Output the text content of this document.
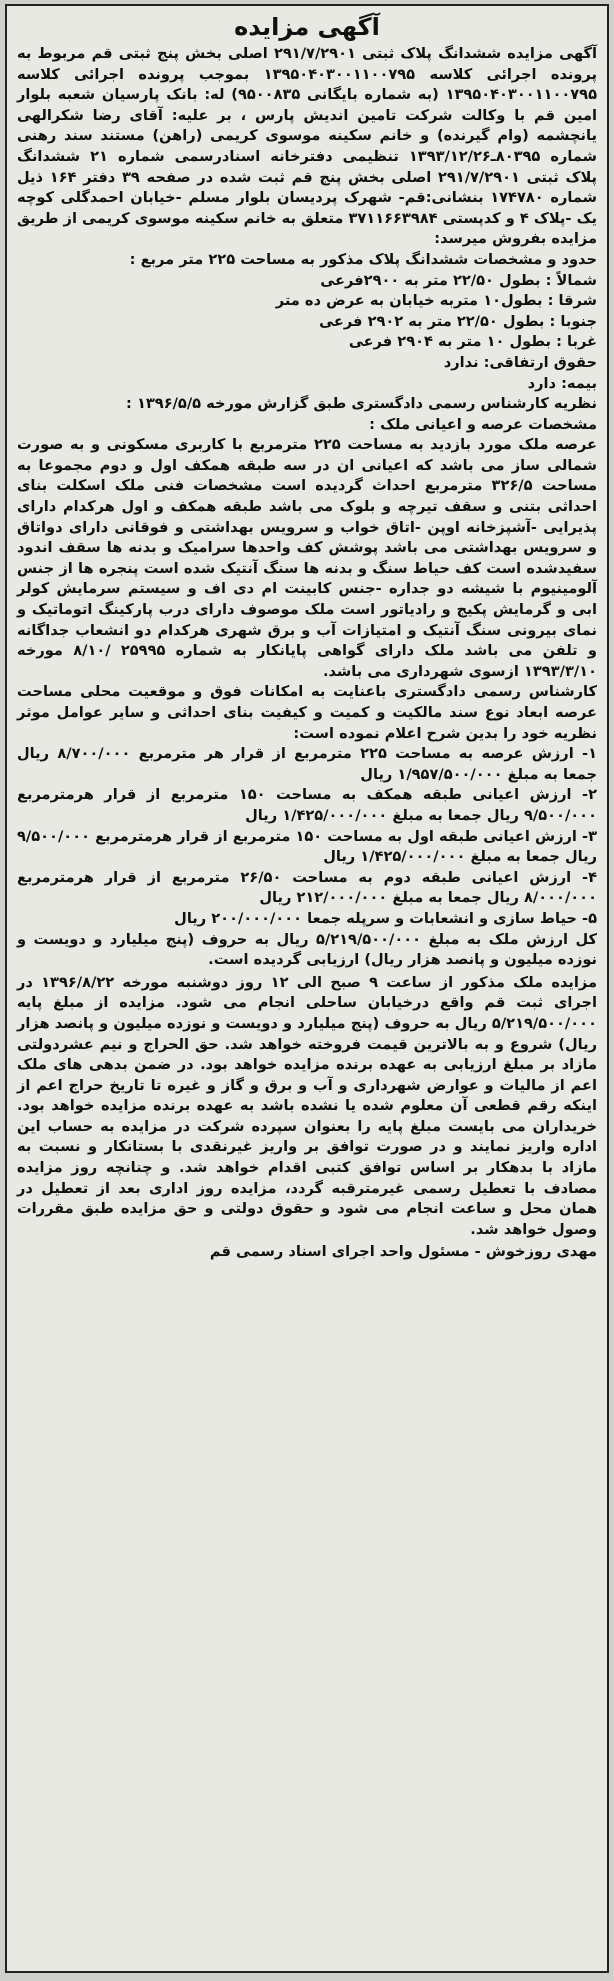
آگهی مزایده

آگهی مزایده ششدانگ پلاک ثبتی ۲۹۱/۷/۲۹۰۱ اصلی بخش پنج ثبتی قم مربوط به پرونده اجرائی کلاسه ۱۳۹۵۰۴۰۳۰۰۱۱۰۰۷۹۵ بموجب پرونده اجرائی کلاسه ۱۳۹۵۰۴۰۳۰۰۱۱۰۰۷۹۵ (به شماره بایگانی ۹۵۰۰۸۳۵) له: بانک پارسیان شعبه بلوار امین قم با وکالت شرکت تامین اندیش پارس ، بر علیه: آقای رضا شکرالهی یانچشمه (وام گیرنده) و خانم سکینه موسوی کریمی (راهن) مستند سند رهنی شماره ۸۰۳۹۵ـ۱۳۹۳/۱۲/۲۶ تنظیمی دفترخانه اسنادرسمی شماره ۲۱ ششدانگ پلاک ثبتی ۲۹۱/۷/۲۹۰۱ اصلی بخش پنج قم ثبت شده در صفحه ۳۹ دفتر ۱۶۴ ذیل شماره ۱۷۴۷۸۰ بنشانی:قم- شهرک پردیسان بلوار مسلم -خیابان احمدگلی کوچه یک -پلاک ۴ و کدپستی ۳۷۱۱۶۶۳۹۸۴ متعلق به خانم سکینه موسوی کریمی از طریق مزایده بفروش میرسد:

حدود و مشخصات ششدانگ پلاک مذکور به مساحت ۲۲۵ متر مربع :

شمالاً : بطول ۲۲/۵۰ متر به ۲۹۰۰فرعی

شرقا : بطول۱۰ متربه خیابان به عرض ده متر

جنوبا : بطول ۲۲/۵۰ متر به ۲۹۰۲ فرعی

غربا : بطول ۱۰ متر به ۲۹۰۴ فرعی

حقوق ارتفاقی: ندارد

بیمه: دارد

نظریه کارشناس رسمی دادگستری طبق گزارش مورخه ۱۳۹۶/۵/۵ :

مشخصات عرصه و اعیانی ملک :

عرصه ملک مورد بازدید به مساحت ۲۲۵ مترمربع با کاربری مسکونی و به صورت شمالی ساز می باشد که اعیانی ان در سه طبقه همکف اول و دوم مجموعا به مساحت ۳۲۶/۵ مترمربع احداث گردیده است مشخصات فنی ملک اسکلت بنای احداثی بتنی و سقف تیرچه و بلوک می باشد طبقه همکف و اول هرکدام دارای پذیرایی -آشپزخانه اوپن -اتاق خواب و سرویس بهداشتی و فوقانی دارای دواتاق و سرویس بهداشتی می باشد پوشش کف واحدها سرامیک و بدنه ها سقف اندود سفیدشده است کف حیاط سنگ و بدنه ها سنگ آنتیک شده است پنجره ها از جنس آلومینیوم با شیشه دو جداره -جنس کابینت ام دی اف و سیستم سرمایش کولر ابی و گرمایش پکیج و رادیاتور است ملک موصوف دارای درب پارکینگ اتوماتیک و نمای بیرونی سنگ آنتیک و امتیازات آب و برق شهری هرکدام دو انشعاب جداگانه و تلفن می باشد ملک دارای گواهی پایانکار به شماره ۲۵۹۹۵ /۸/۱۰ مورخه ۱۳۹۳/۳/۱۰ ازسوی شهرداری می باشد.

کارشناس رسمی دادگستری باعنایت به امکانات فوق و موقعیت محلی مساحت عرصه ابعاد نوع سند مالکیت و کمیت و کیفیت بنای احداثی و سایر عوامل موثر نظریه خود را بدین شرح اعلام نموده است:

۱- ارزش عرصه به مساحت ۲۲۵ مترمربع از قرار هر مترمربع ۸/۷۰۰/۰۰۰ ریال جمعا به مبلغ ۱/۹۵۷/۵۰۰/۰۰۰ ریال

۲- ارزش اعیانی طبقه همکف به مساحت ۱۵۰ مترمربع از قرار هرمترمربع ۹/۵۰۰/۰۰۰ ریال جمعا به مبلغ ۱/۴۲۵/۰۰۰/۰۰۰ ریال

۳- ارزش اعیانی طبقه اول به مساحت ۱۵۰ مترمربع از قرار هرمترمربع ۹/۵۰۰/۰۰۰ ریال جمعا به مبلغ ۱/۴۲۵/۰۰۰/۰۰۰ ریال

۴- ارزش اعیانی طبقه دوم به مساحت ۲۶/۵۰ مترمربع از قرار هرمترمربع ۸/۰۰۰/۰۰۰ ریال جمعا به مبلغ ۲۱۲/۰۰۰/۰۰۰ ریال

۵- حیاط سازی و انشعابات و سرپله جمعا ۲۰۰/۰۰۰/۰۰۰ ریال

کل ارزش ملک به مبلغ ۵/۲۱۹/۵۰۰/۰۰۰ ریال به حروف (پنج میلیارد و دویست و نوزده میلیون و پانصد هزار ریال) ارزیابی گردیده است.

مزایده ملک مذکور از ساعت ۹ صبح الی ۱۲ روز دوشنبه مورخه ۱۳۹۶/۸/۲۲ در اجرای ثبت قم واقع درخیابان ساحلی انجام می شود. مزایده از مبلغ پایه ۵/۲۱۹/۵۰۰/۰۰۰ ریال به حروف (پنج میلیارد و دویست و نوزده میلیون و پانصد هزار ریال) شروع و به بالاترین قیمت فروخته خواهد شد. حق الحراج و نیم عشردولتی مازاد بر مبلغ ارزیابی به عهده برنده مزایده خواهد بود. در ضمن بدهی های ملک اعم از مالیات و عوارض شهرداری و آب و برق و گاز و غیره تا تاریخ حراج اعم از اینکه رقم قطعی آن معلوم شده یا نشده باشد به عهده برنده مزایده خواهد بود. خریداران می بایست مبلغ پایه را بعنوان سپرده شرکت در مزایده به حساب این اداره واریز نمایند و در صورت توافق بر واریز غیرنقدی با بستانکار و نسبت به مازاد با بدهکار بر اساس توافق کتبی اقدام خواهد شد. و چنانچه روز مزایده مصادف با تعطیل رسمی غیرمترقبه گردد، مزایده روز اداری بعد از تعطیل در همان محل و ساعت انجام می شود و حقوق دولتی و حق مزایده طبق مقررات وصول خواهد شد.

مهدی روزخوش - مسئول واحد اجرای اسناد رسمی قم
